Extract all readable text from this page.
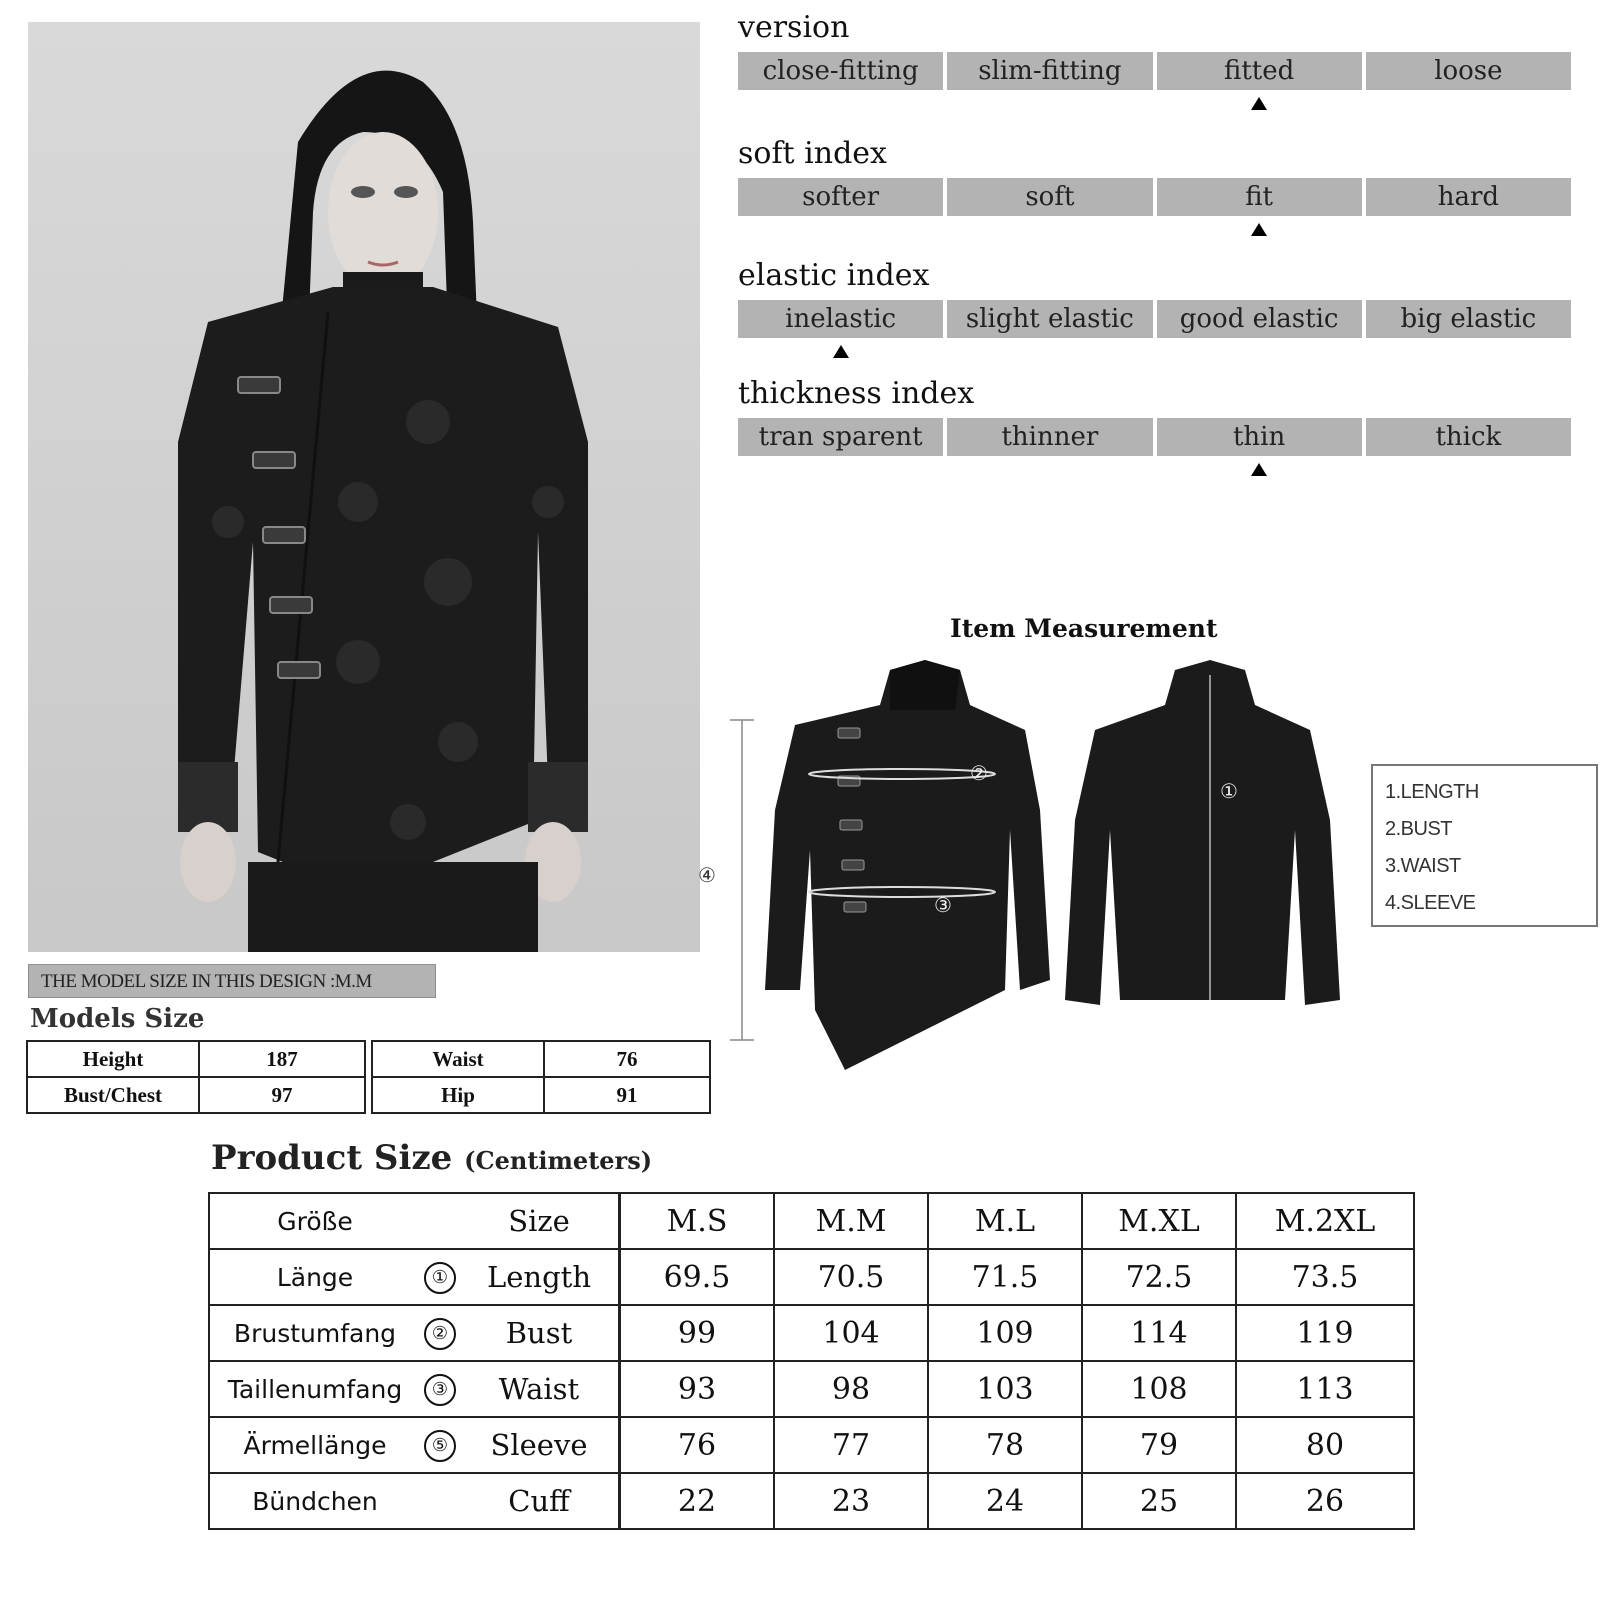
THE MODEL SIZE IN THIS DESIGN :M.M
Models Size
Height	187
Bust/Chest	97
Waist	76
Hip	91
version
close-fitting	slim-fitting	fitted	loose
soft index
softer	soft	fit	hard
elastic index
inelastic	slight elastic	good elastic	big elastic
thickness index
tran sparent	thinner	thin	thick
Item Measurement
①
②
③
④
1.LENGTH
2.BUST
3.WAIST
4.SLEEVE
Product Size (Centimeters)
Größe		Size	M.S	M.M	M.L	M.XL	M.2XL
Länge	①	Length	69.5	70.5	71.5	72.5	73.5
Brustumfang	②	Bust	99	104	109	114	119
Taillenumfang	③	Waist	93	98	103	108	113
Ärmellänge	⑤	Sleeve	76	77	78	79	80
Bündchen		Cuff	22	23	24	25	26
